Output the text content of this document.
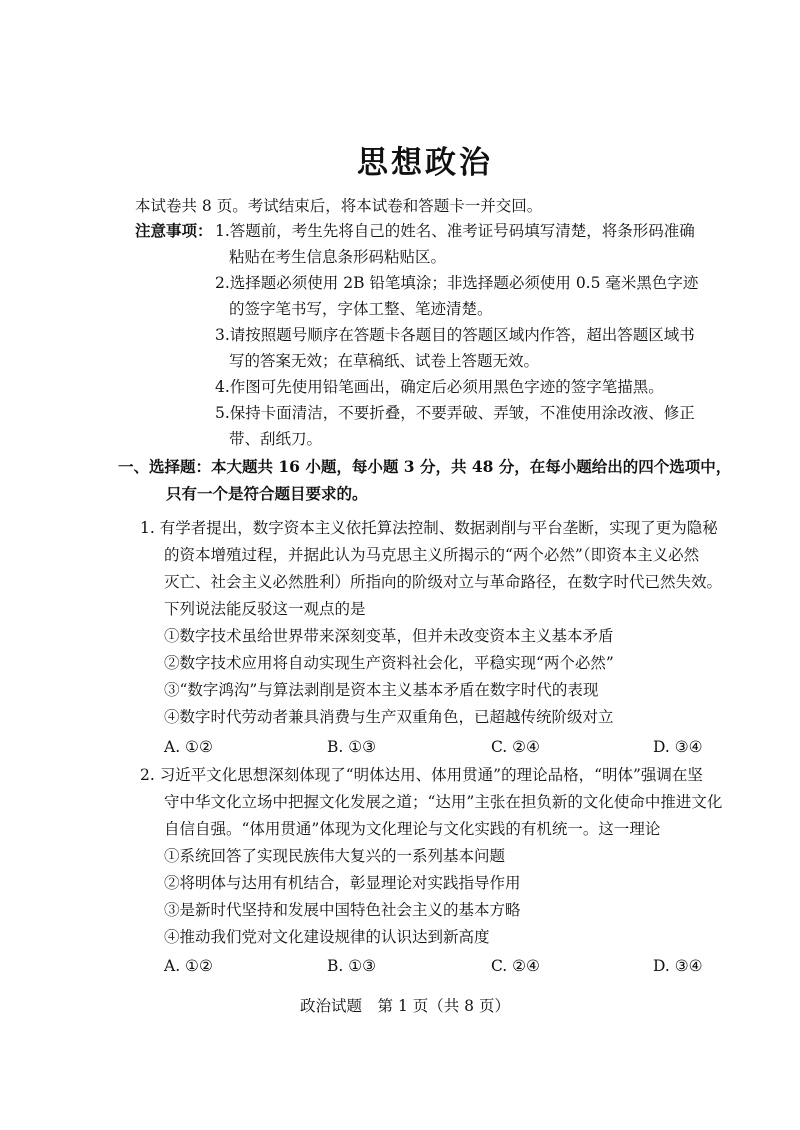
思想政治
本试卷共 8 页。考试结束后，将本试卷和答题卡一并交回。
注意事项： 1.答题前，考生先将自己的姓名、准考证号码填写清楚，将条形码准确
粘贴在考生信息条形码粘贴区。
2.选择题必须使用 2B 铅笔填涂；非选择题必须使用 0.5 毫米黑色字迹
的签字笔书写，字体工整、笔迹清楚。
3.请按照题号顺序在答题卡各题目的答题区域内作答，超出答题区域书
写的答案无效；在草稿纸、试卷上答题无效。
4.作图可先使用铅笔画出，确定后必须用黑色字迹的签字笔描黑。
5.保持卡面清洁，不要折叠，不要弄破、弄皱，不准使用涂改液、修正
带、刮纸刀。
一、选择题：本大题共 16 小题，每小题 3 分，共 48 分，在每小题给出的四个选项中，
只有一个是符合题目要求的。
1. 有学者提出，数字资本主义依托算法控制、数据剥削与平台垄断，实现了更为隐秘
的资本增殖过程，并据此认为马克思主义所揭示的“两个必然”（即资本主义必然
灭亡、社会主义必然胜利）所指向的阶级对立与革命路径，在数字时代已然失效。
下列说法能反驳这一观点的是
①数字技术虽给世界带来深刻变革，但并未改变资本主义基本矛盾
②数字技术应用将自动实现生产资料社会化，平稳实现“两个必然”
③“数字鸿沟”与算法剥削是资本主义基本矛盾在数字时代的表现
④数字时代劳动者兼具消费与生产双重角色，已超越传统阶级对立
A. ①②	B. ①③	C. ②④	D. ③④
2. 习近平文化思想深刻体现了“明体达用、体用贯通”的理论品格，“明体”强调在坚
守中华文化立场中把握文化发展之道；“达用”主张在担负新的文化使命中推进文化
自信自强。“体用贯通”体现为文化理论与文化实践的有机统一。这一理论
①系统回答了实现民族伟大复兴的一系列基本问题
②将明体与达用有机结合，彰显理论对实践指导作用
③是新时代坚持和发展中国特色社会主义的基本方略
④推动我们党对文化建设规律的认识达到新高度
A. ①②	B. ①③	C. ②④	D. ③④
政治试题　第 1 页（共 8 页）
